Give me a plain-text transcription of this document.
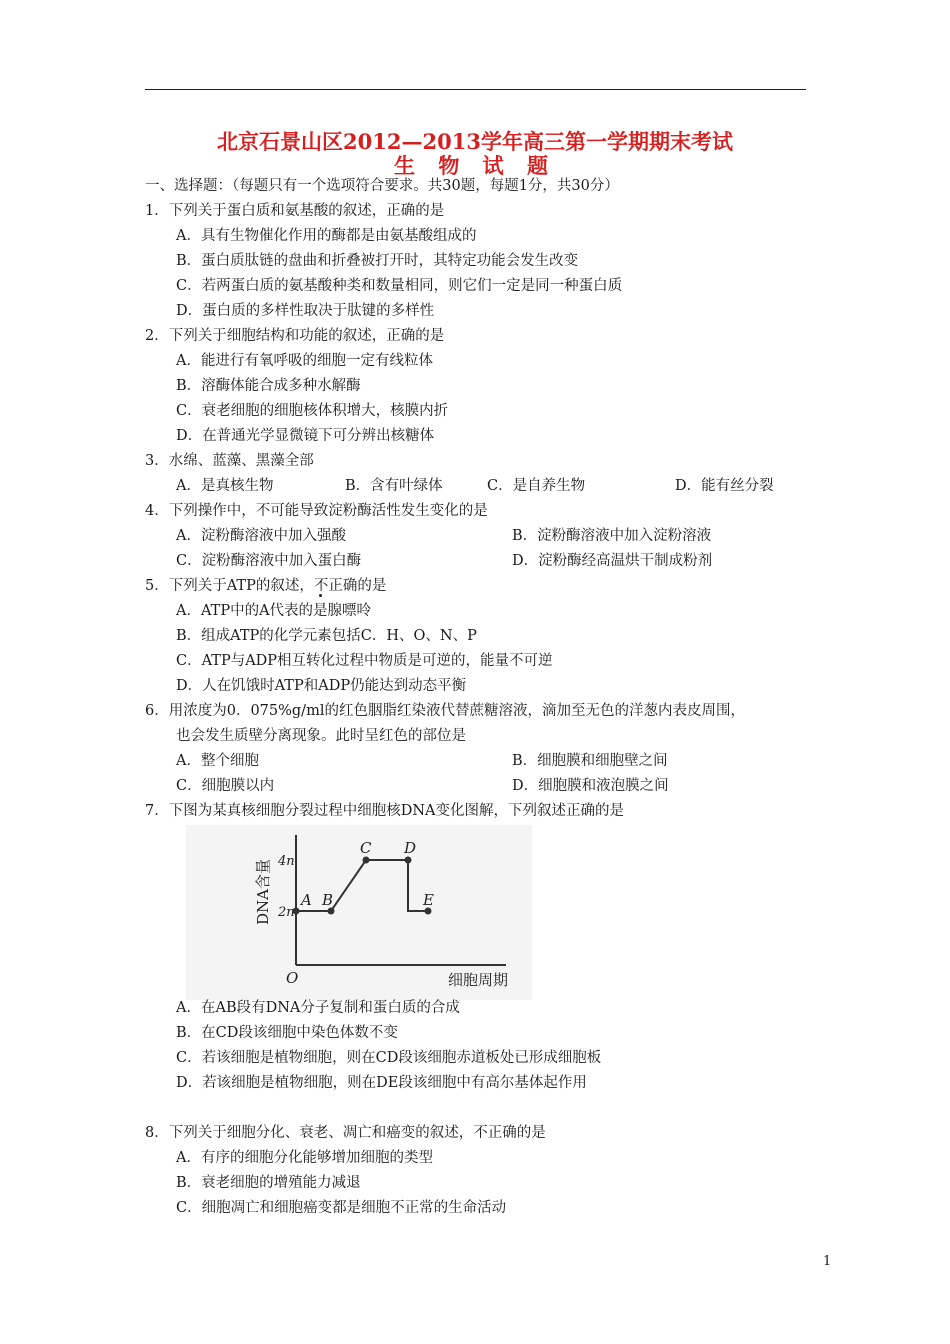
北京石景山区2012—2013学年高三第一学期期末考试
生 物 试 题
一、选择题：（每题只有一个选项符合要求。共30题，每题1分，共30分）
1．下列关于蛋白质和氨基酸的叙述，正确的是
A．具有生物催化作用的酶都是由氨基酸组成的
B．蛋白质肽链的盘曲和折叠被打开时，其特定功能会发生改变
C．若两蛋白质的氨基酸种类和数量相同，则它们一定是同一种蛋白质
D．蛋白质的多样性取决于肽键的多样性
2．下列关于细胞结构和功能的叙述，正确的是
A．能进行有氧呼吸的细胞一定有线粒体
B．溶酶体能合成多种水解酶
C．衰老细胞的细胞核体积增大，核膜内折
D．在普通光学显微镜下可分辨出核糖体
3．水绵、蓝藻、黑藻全部
A．是真核生物	B．含有叶绿体	C．是自养生物	D．能有丝分裂
4．下列操作中，不可能导致淀粉酶活性发生变化的是
A．淀粉酶溶液中加入强酸	B．淀粉酶溶液中加入淀粉溶液
C．淀粉酶溶液中加入蛋白酶	D．淀粉酶经高温烘干制成粉剂
5．下列关于ATP的叙述，不
正确的是
A．ATP中的A代表的是腺嘌呤
B．组成ATP的化学元素包括C．H、O、N、P
C．ATP与ADP相互转化过程中物质是可逆的，能量不可逆
D．人在饥饿时ATP和ADP仍能达到动态平衡
6．用浓度为0．075%g/ml的红色胭脂红染液代替蔗糖溶液，滴加至无色的洋葱内表皮周围，
也会发生质壁分离现象。此时呈红色的部位是
A．整个细胞	B．细胞膜和细胞壁之间
C．细胞膜以内	D．细胞膜和液泡膜之间
7．下图为某真核细胞分裂过程中细胞核DNA变化图解，下列叙述正确的是
4n
2n
A B
C D
E
DNA含量
O	细胞周期
A．在AB段有DNA分子复制和蛋白质的合成
B．在CD段该细胞中染色体数不变
C．若该细胞是植物细胞，则在CD段该细胞赤道板处已形成细胞板
D．若该细胞是植物细胞，则在DE段该细胞中有高尔基体起作用
8．下列关于细胞分化、衰老、凋亡和癌变的叙述，不正确的是
A．有序的细胞分化能够增加细胞的类型
B．衰老细胞的增殖能力减退
C．细胞凋亡和细胞癌变都是细胞不正常的生命活动
1
